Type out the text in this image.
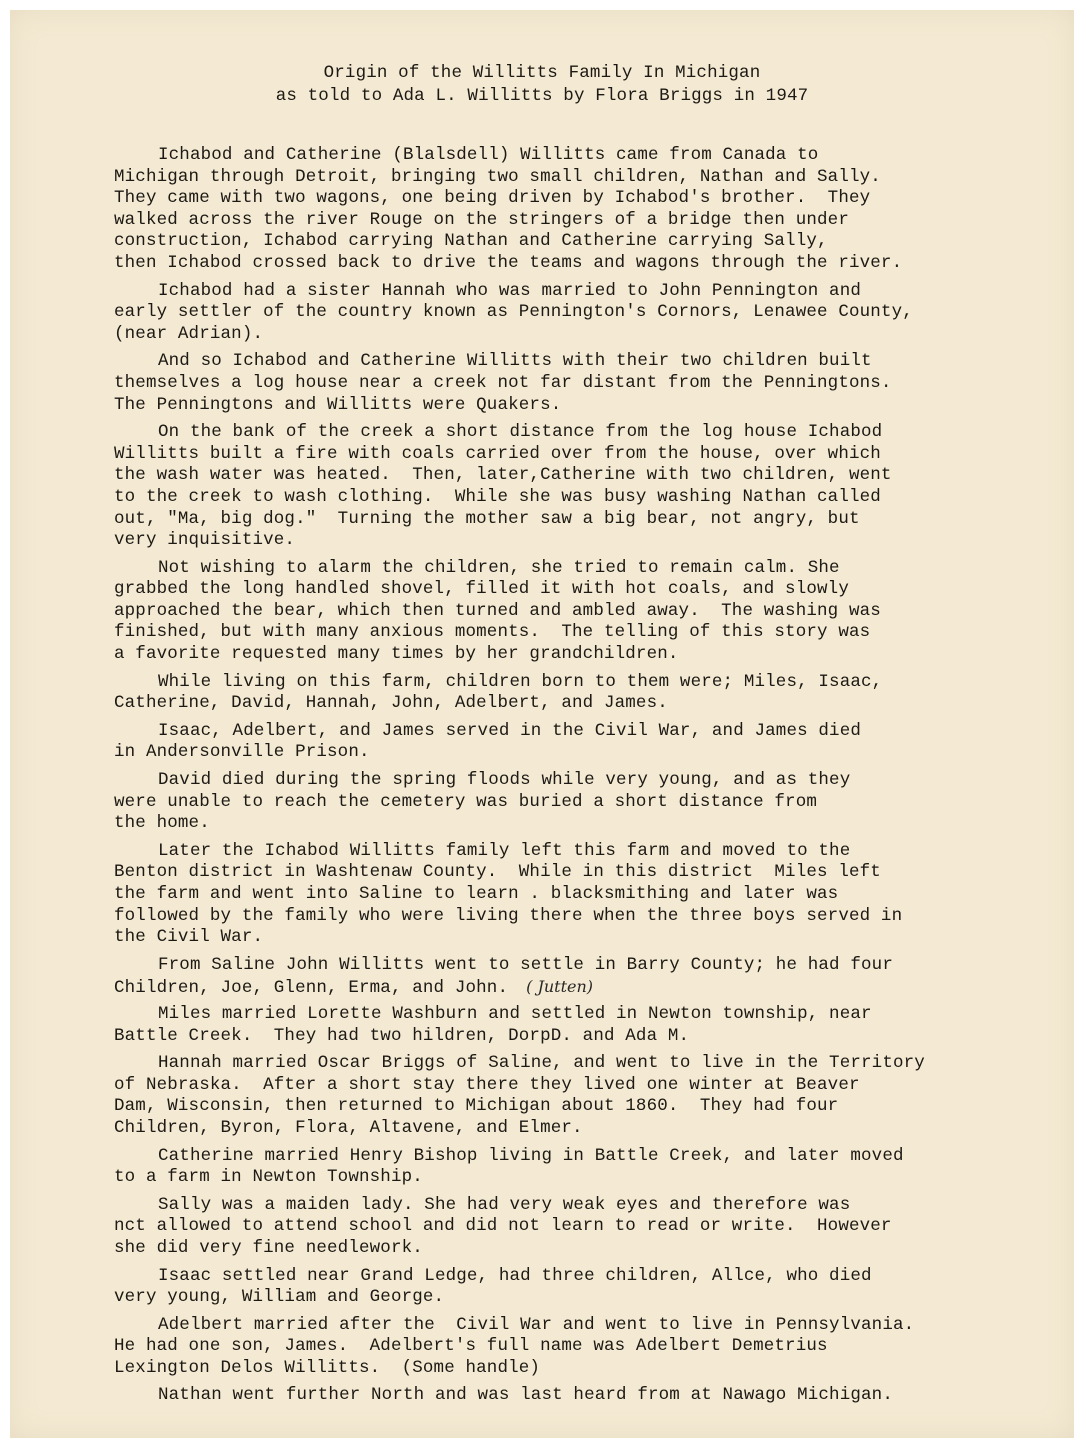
Origin of the Willitts Family In Michigan
as told to Ada L. Willitts by Flora Briggs in 1947
Ichabod and Catherine (Blalsdell) Willitts came from Canada to
Michigan through Detroit, bringing two small children, Nathan and Sally.
They came with two wagons, one being driven by Ichabod's brother.  They
walked across the river Rouge on the stringers of a bridge then under
construction, Ichabod carrying Nathan and Catherine carrying Sally,
then Ichabod crossed back to drive the teams and wagons through the river.
Ichabod had a sister Hannah who was married to John Pennington and
early settler of the country known as Pennington's Cornors, Lenawee County,
(near Adrian).
And so Ichabod and Catherine Willitts with their two children built
themselves a log house near a creek not far distant from the Penningtons.
The Penningtons and Willitts were Quakers.
On the bank of the creek a short distance from the log house Ichabod
Willitts built a fire with coals carried over from the house, over which
the wash water was heated.  Then, later,Catherine with two children, went
to the creek to wash clothing.  While she was busy washing Nathan called
out, "Ma, big dog."  Turning the mother saw a big bear, not angry, but
very inquisitive.
Not wishing to alarm the children, she tried to remain calm. She
grabbed the long handled shovel, filled it with hot coals, and slowly
approached the bear, which then turned and ambled away.  The washing was
finished, but with many anxious moments.  The telling of this story was
a favorite requested many times by her grandchildren.
While living on this farm, children born to them were; Miles, Isaac,
Catherine, David, Hannah, John, Adelbert, and James.
Isaac, Adelbert, and James served in the Civil War, and James died
in Andersonville Prison.
David died during the spring floods while very young, and as they
were unable to reach the cemetery was buried a short distance from
the home.
Later the Ichabod Willitts family left this farm and moved to the
Benton district in Washtenaw County.  While in this district  Miles left
the farm and went into Saline to learn . blacksmithing and later was
followed by the family who were living there when the three boys served in
the Civil War.
From Saline John Willitts went to settle in Barry County; he had four
Children, Joe, Glenn, Erma, and John. ( Jutten)
Miles married Lorette Washburn and settled in Newton township, near
Battle Creek.  They had two hildren, DorpD. and Ada M.
Hannah married Oscar Briggs of Saline, and went to live in the Territory
of Nebraska.  After a short stay there they lived one winter at Beaver
Dam, Wisconsin, then returned to Michigan about 1860.  They had four
Children, Byron, Flora, Altavene, and Elmer.
Catherine married Henry Bishop living in Battle Creek, and later moved
to a farm in Newton Township.
Sally was a maiden lady. She had very weak eyes and therefore was
nct allowed to attend school and did not learn to read or write.  However
she did very fine needlework.
Isaac settled near Grand Ledge, had three children, Allce, who died
very young, William and George.
Adelbert married after the  Civil War and went to live in Pennsylvania.
He had one son, James.  Adelbert's full name was Adelbert Demetrius
Lexington Delos Willitts.  (Some handle)
Nathan went further North and was last heard from at Nawago Michigan.
